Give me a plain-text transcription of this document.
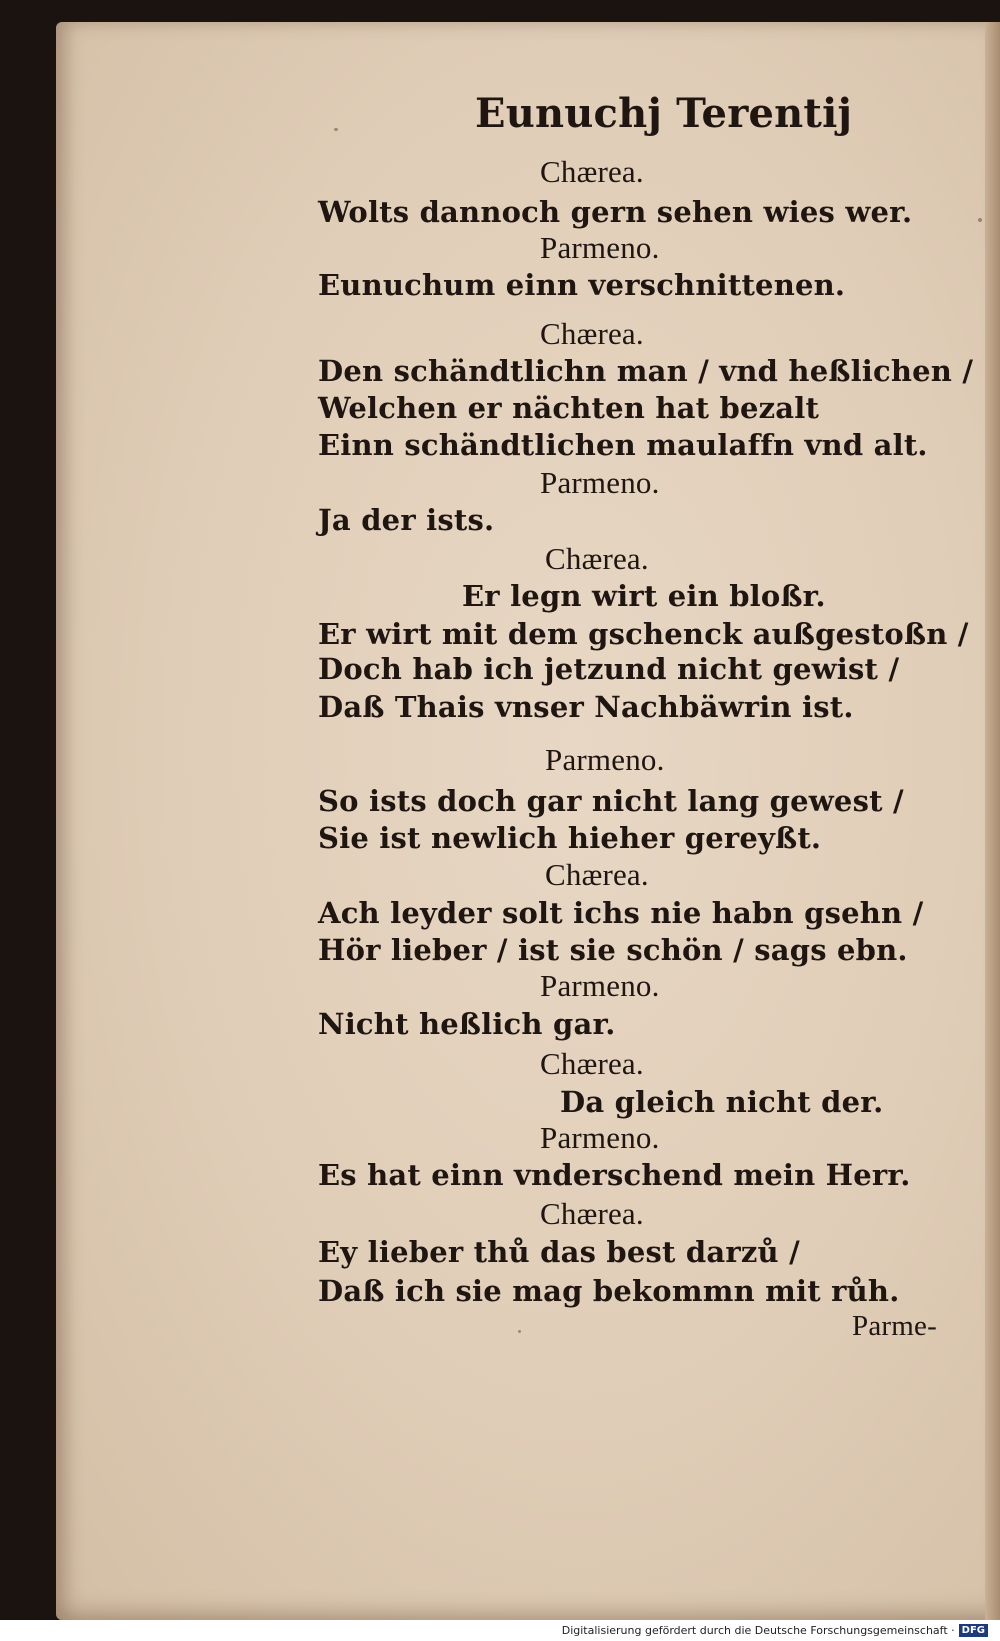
Eunuchj Terentij
Chærea.
Wolts dannoch gern sehen wies wer.
Parmeno.
Eunuchum einn verschnittenen.
Chærea.
Den schändtlichn man / vnd heßlichen /
Welchen er nächten hat bezalt
Einn schändtlichen maulaffn vnd alt.
Parmeno.
Ja der ists.
Chærea.
Er legn wirt ein bloßr.
Er wirt mit dem gschenck außgestoßn /
Doch hab ich jetzund nicht gewist /
Daß Thais vnser Nachbäwrin ist.
Parmeno.
So ists doch gar nicht lang gewest /
Sie ist newlich hieher gereyßt.
Chærea.
Ach leyder solt ichs nie habn gsehn /
Hör lieber / ist sie schön / sags ebn.
Parmeno.
Nicht heßlich gar.
Chærea.
Da gleich nicht der.
Parmeno.
Es hat einn vnderschend mein Herr.
Chærea.
Ey lieber thů das best darzů /
Daß ich sie mag bekommn mit růh.
Parme-
Digitalisierung gefördert durch die Deutsche Forschungsgemeinschaft · DFG
